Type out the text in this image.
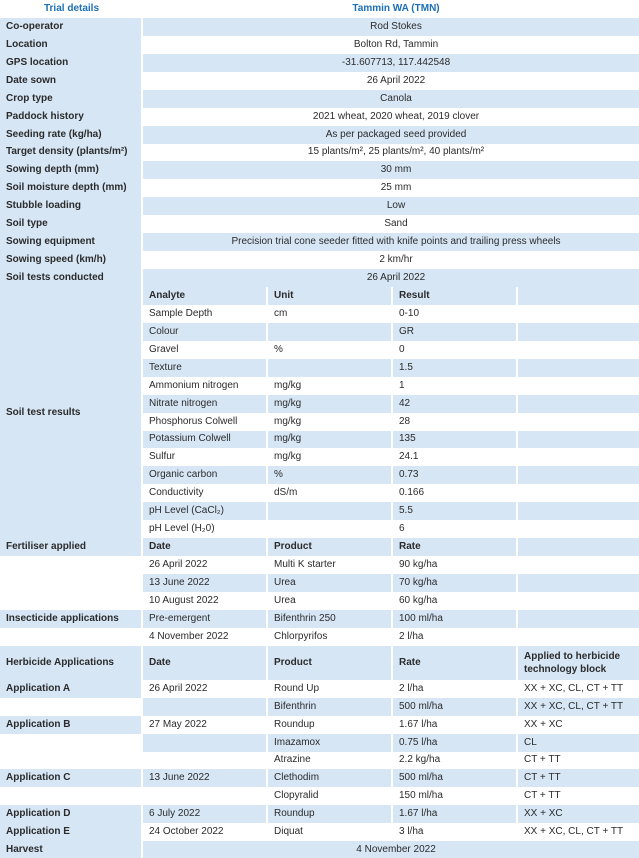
Trial details	Tammin WA (TMN)			
Co-operator	Rod Stokes			
Location	Bolton Rd, Tammin			
GPS location	-31.607713, 117.442548			
Date sown	26 April 2022			
Crop type	Canola			
Paddock history	2021 wheat, 2020 wheat, 2019 clover			
Seeding rate (kg/ha)	As per packaged seed provided			
Target density (plants/m²)	15 plants/m², 25 plants/m², 40 plants/m²			
Sowing depth (mm)	30 mm			
Soil moisture depth (mm)	25 mm			
Stubble loading	Low			
Soil type	Sand			
Sowing equipment	Precision trial cone seeder fitted with knife points and trailing press wheels			
Sowing speed (km/h)	2 km/hr			
Soil tests conducted	26 April 2022			
Soil test results	Analyte	Unit	Result	
	Sample Depth	cm	0-10	
	Colour		GR	
	Gravel	%	0	
	Texture		1.5	
	Ammonium nitrogen	mg/kg	1	
	Nitrate nitrogen	mg/kg	42	
	Phosphorus Colwell	mg/kg	28	
	Potassium Colwell	mg/kg	135	
	Sulfur	mg/kg	24.1	
	Organic carbon	%	0.73	
	Conductivity	dS/m	0.166	
	pH Level (CaCl₂)		5.5	
	pH Level (H₂0)		6	
Fertiliser applied	Date	Product	Rate	
	26 April 2022	Multi K starter	90 kg/ha	
	13 June 2022	Urea	70 kg/ha	
	10 August 2022	Urea	60 kg/ha	
Insecticide applications	Pre-emergent	Bifenthrin 250	100 ml/ha	
	4 November 2022	Chlorpyrifos	2 l/ha	
Herbicide Applications	Date	Product	Rate	Applied to herbicide technology block
Application A	26 April 2022	Round Up	2 l/ha	XX + XC, CL, CT + TT
		Bifenthrin	500 ml/ha	XX + XC, CL, CT + TT
Application B	27 May 2022	Roundup	1.67 l/ha	XX + XC
		Imazamox	0.75 l/ha	CL
		Atrazine	2.2 kg/ha	CT + TT
Application C	13 June 2022	Clethodim	500 ml/ha	CT + TT
		Clopyralid	150 ml/ha	CT + TT
Application D	6 July 2022	Roundup	1.67 l/ha	XX + XC
Application E	24 October 2022	Diquat	3 l/ha	XX + XC, CL, CT + TT
Harvest	4 November 2022			
